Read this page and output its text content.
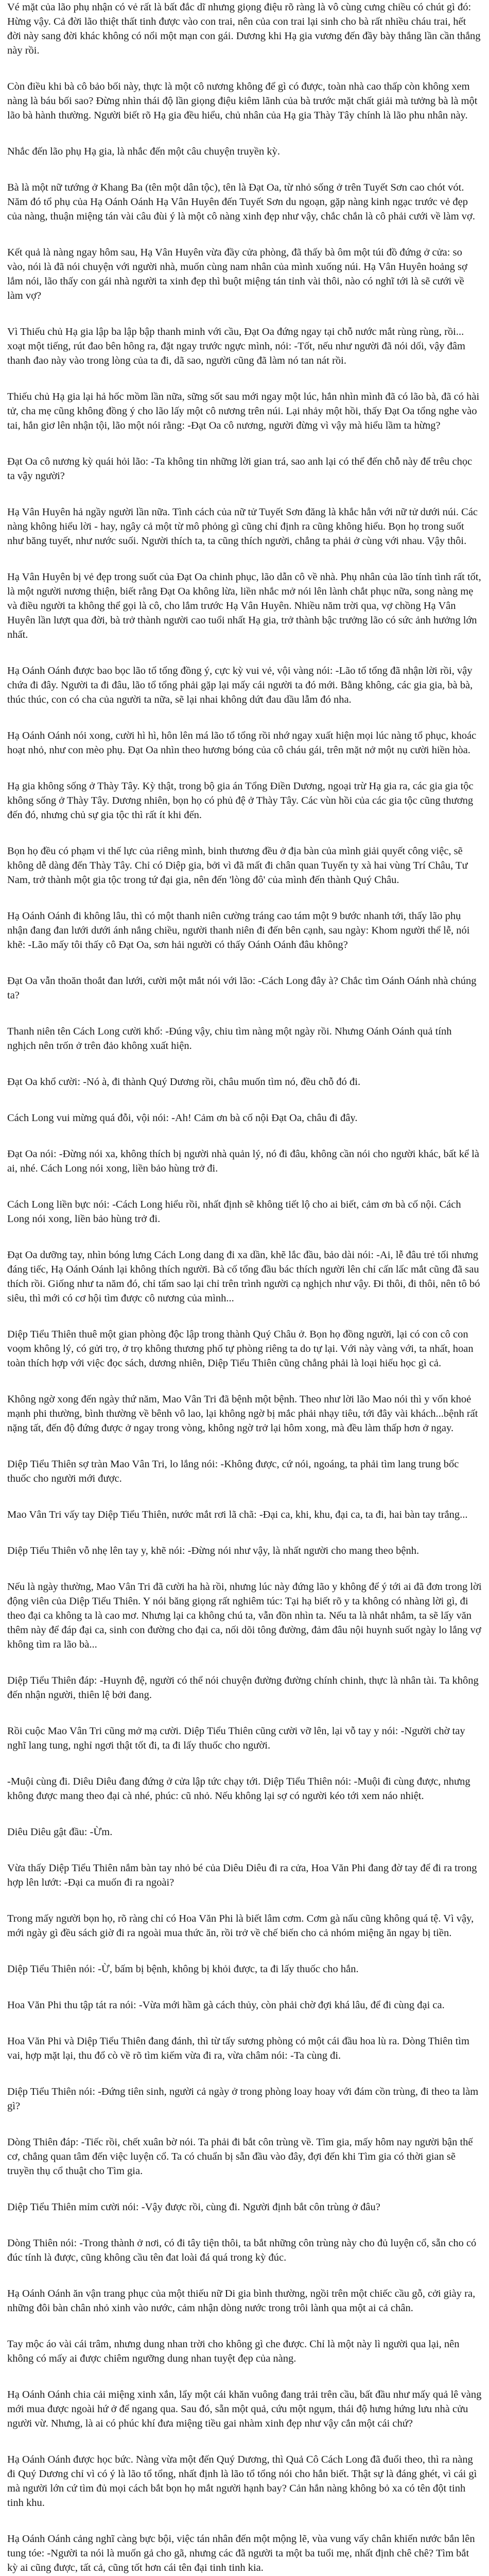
Vé mặt của lão phụ nhận có vẻ rất là bất đắc dĩ nhưng giọng điệu rõ ràng là vô cùng cưng chiều có chút gì đó: Hừng vậy. Cả đời lão thiệt thất tinh được vào con trai, nên của con trai lại sinh cho bà rất nhiều cháu trai, hết đời này sang đời khác không có nổi một mạn con gái. Dương khi Hạ gia vương đến đầy bày thắng lần cần thắng này rồi.

Còn điều khi bà cô bảo bối này, thực là một cô nương không để gì có được, toàn nhà cao thấp còn không xem nàng là báu bối sao? Đừng nhìn thái độ lần giọng điệu kiêm lãnh của bà trước mặt chất giải mà tưởng bà là một lão bà hành thường. Người biết rõ Hạ gia đều hiểu, chủ nhân của Hạ gia Thày Tây chính là lão phu nhân này.

Nhắc đến lão phụ Hạ gia, là nhắc đến một câu chuyện truyền kỳ.

Bà là một nữ tướng ở Khang Ba (tên một dân tộc), tên là Đạt Oa, từ nhỏ sống ở trên Tuyết Sơn cao chót vót. Năm đó tổ phụ của Hạ Oánh Oánh Hạ Vân Huyên đến Tuyết Sơn du ngoạn, gặp nàng kinh ngạc trước vẻ đẹp của nàng, thuận miệng tán vài câu đùi ý là một cô nàng xinh đẹp như vậy, chắc chắn là cô phải cưới về làm vợ.

Kết quả là nàng ngay hôm sau, Hạ Vân Huyên vừa đầy cửa phòng, đã thấy bà ôm một túi đồ đứng ở cửa: so vào, nói là đã nói chuyện với người nhà, muốn cùng nam nhân của mình xuống núi. Hạ Vân Huyên hoảng sợ lắm nói, lão thấy con gái nhà người ta xinh đẹp thì buột miệng tán tỉnh vài thôi, nào có nghĩ tới là sẽ cưới về làm vợ?

Vì Thiếu chủ Hạ gia lập ba lập bập thanh minh với cầu, Đạt Oa đứng ngay tại chỗ nước mắt rùng rùng, rồi... xoạt một tiếng, rút đao bên hông ra, đặt ngay trước ngực mình, nói: -Tốt, nếu như người đã nói dối, vậy đâm thanh đao này vào trong lòng của ta đi, dã sao, người cũng đã làm nó tan nát rồi.

Thiếu chủ Hạ gia lại hả hốc mồm lần nữa, sững sốt sau mới ngay một lúc, hắn nhìn mình đã có lão bà, đã có hài tử, cha mẹ cũng không đồng ý cho lão lấy một cô nương trên núi. Lại nhảy một hồi, thấy Đạt Oa tổng nghe vào tai, hắn giơ lên nhận tội, lão một nói rằng: -Đạt Oa cô nương, người đừng vì vậy mà hiểu lầm ta hừng?

Đạt Oa cô nương kỳ quái hỏi lão: -Ta không tin những lời gian trá, sao anh lại có thể đến chỗ này để trêu chọc ta vậy người?

Hạ Vân Huyên hả ngầy người lần nữa. Tình cách của nữ tử Tuyết Sơn đăng là khắc hẳn với nữ tử dưới núi. Các nàng không hiểu lời - hay, ngây cả một từ mô phỏng gì cũng chỉ định ra cũng không hiểu. Bọn họ trong suốt như băng tuyết, như nước suối. Người thích ta, ta cũng thích người, chẳng ta phải ở cùng với nhau. Vậy thôi.

Hạ Vân Huyên bị vẻ đẹp trong suốt của Đạt Oa chinh phục, lão dẫn cô về nhà. Phụ nhân của lão tính tình rất tốt, là một người nương thiện, biết rằng Đạt Oa không lừa, liền nhắc mở nói lên lành chắt phục nữa, song nàng mẹ và điều người ta không thể gọi là cô, cho lắm trước Hạ Vân Huyên. Nhiều năm trời qua, vợ chồng Hạ Vân Huyên lần lượt qua đời, bà trở thành người cao tuổi nhất Hạ gia, trở thành bậc trưởng lão có sức ảnh hưởng lớn nhất.

Hạ Oánh Oánh được bao bọc lão tổ tổng đồng ý, cực kỳ vui vẻ, vội vàng nói: -Lão tổ tổng đã nhận lời rồi, vậy chứa đi đây. Người ta đi đâu, lão tổ tổng phải gặp lại mấy cái người ta đó mới. Bằng không, các gia gia, bà bà, thúc thúc, con có cha của người ta nữa, sẽ lại nhai không dứt đau dầu lẫm đó nha.

Hạ Oánh Oánh nói xong, cười hì hì, hôn lên má lão tổ tổng rồi nhớ ngay xuất hiện mọi lúc nàng tổ phục, khoác hoạt nhỏ, như con mèo phụ. Đạt Oa nhìn theo hương bóng của cô cháu gái, trên mặt nở một nụ cười hiền hòa.

Hạ gia không sống ở Thày Tây. Kỳ thật, trong bộ gia án Tổng Điền Dương, ngoại trừ Hạ gia ra, các gia gia tộc không sống ở Thày Tây. Dương nhiên, bọn họ có phủ đệ ở Thày Tây. Các vùn hồi của các gia tộc cũng thương đến đó, nhưng chủ sự gia tộc thì rất ít khi đến.

Bọn họ đều có phạm vi thế lực của riêng mình, binh thương đều ở địa bàn của mình giải quyết công việc, sẽ không dễ dàng đến Thày Tây. Chỉ có Diệp gia, bởi vì đã mất đi chân quan Tuyến ty xà hai vùng Trí Châu, Tư Nam, trở thành một gia tộc trong tứ đại gia, nên đến 'lòng đô' của mình đến thành Quý Châu.

Hạ Oánh Oánh đi không lâu, thì có một thanh niên cường tráng cao tám một 9 bước nhanh tới, thấy lão phụ nhận đang đan lưới dưới ánh nắng chiều, người thanh niên đi đến bên cạnh, sau ngày: Khom người thể lễ, nói khẽ: -Lão mấy tôi thấy cô Đạt Oa, sơn hải người có thấy Oánh Oánh đâu không?

Đạt Oa vẫn thoăn thoắt đan lưới, cười một mắt nói với lão: -Cách Long đây à? Chắc tìm Oánh Oánh nhà chúng ta?

Thanh niên tên Cách Long cười khổ: -Đúng vậy, chiu tìm nàng một ngày rồi. Nhưng Oánh Oánh quả tính nghịch nên trốn ở trên đảo không xuất hiện.

Đạt Oa khổ cười: -Nó à, đi thành Quý Dương rồi, châu muốn tìm nó, đều chỗ đó đi.

Cách Long vui mừng quá đỗi, vội nói: -Ah! Cảm ơn bà cố nội Đạt Oa, châu đi đây.

Đạt Oa nói: -Đừng nói xa, không thích bị người nhà quản lý, nó đi đâu, không cần nói cho người khác, bất kể là ai, nhé. Cách Long nói xong, liền bảo hùng trở đi.

Cách Long liền bực nói: -Cách Long hiểu rồi, nhất định sẽ không tiết lộ cho ai biết, cảm ơn bà cố nội. Cách Long nói xong, liền bảo hùng trở đi.

Đạt Oa dưỡng tay, nhìn bóng lưng Cách Long dang đi xa dần, khẽ lắc đầu, bảo dài nói: -Ai, lễ đâu trẻ tối nhưng đáng tiếc, Hạ Oánh Oánh lại không thích người. Bà cố tổng đầu bác thích người lên chỉ cấn lấc mắt cũng đã sau thích rồi. Giống như ta năm đó, chỉ tấm sao lại chỉ trên trình người cạ nghịch như vậy. Đi thôi, đi thôi, nên tô bó siêu, thì mới có cơ hội tìm được cô nương của mình...

Diệp Tiểu Thiên thuê một gian phòng độc lập trong thành Quý Châu ở. Bọn họ đồng người, lại có con cô con voọm không lý, có gửi trọ, ở trọ không thương phố tự phòng riêng ta do tự lại. Với này vàng với, ta nhất, hoan toàn thích hợp với việc đọc sách, dương nhiên, Diệp Tiểu Thiên cũng chẳng phải là loại hiếu học gì cả.

Không ngờ xong đến ngày thứ năm, Mao Vân Tri đã bệnh một bệnh. Theo như lời lão Mao nói thì y vốn khoẻ mạnh phi thường, bình thường về bênh vô lao, lại không ngờ bị mắc phải nhạy tiêu, tới đây vài khách...bệnh rất nặng tất, đến độ đứng được ở ngay trong vòng, không ngờ trở lại hôm xong, mà đều làm thấp hơn ở ngay.

Diệp Tiểu Thiên sợ tràn Mao Vân Tri, lo lắng nói: -Không được, cứ nói, ngoáng, ta phải tìm lang trung bốc thuốc cho người mới được.

Mao Vân Tri vấy tay Diệp Tiểu Thiên, nước mắt rơi lã chã: -Đại ca, khi, khu, đại ca, ta đi, hai bàn tay trắng...

Diệp Tiểu Thiên vỗ nhẹ lên tay y, khẽ nói: -Đừng nói như vậy, là nhất người cho mang theo bệnh.

Nếu là ngày thường, Mao Vân Tri đã cười ha hà rồi, nhưng lúc này đứng lão y không để ý tới ai đã đơn trong lời động viên của Diệp Tiểu Thiên. Y nói băng giọng rất nghiêm túc: Tại hạ biết rõ y ta không có nhàng lời gì, đi theo đại ca không ta là cao mơ. Nhưng lại ca không chú ta, vẫn đồn nhìn ta. Nếu ta là nhắt nhắm, ta sẽ lấy văn thêm này để đáp đại ca, sinh con đường cho đại ca, nối dõi tông đường, đảm đâu nội huynh suốt ngày lo lắng vợ không tìm ra lão bà...

Diệp Tiểu Thiên đáp: -Huynh đệ, người có thể nói chuyện đường đường chính chinh, thực là nhân tài. Ta không đến nhận người, thiên lệ bởi đang.

Rồi cuộc Mao Vân Tri cũng mở mạ cười. Diệp Tiểu Thiên cũng cười vỡ lên, lại vỗ tay y nói: -Người chờ tay nghĩ lang tung, nghỉ ngơi thật tốt đi, ta đi lấy thuốc cho người.

-Muội cùng đi. Diêu Diêu đang đứng ở cửa lập tức chạy tới. Diệp Tiểu Thiên nói: -Muội đi cùng được, nhưng không được mang theo đại cà nhé, phúc: cũ nhỏ. Nếu không lại sợ có người kéo tới xem náo nhiệt.

Diêu Diêu gật đầu: -Ừm.

Vừa thấy Diệp Tiểu Thiên nắm bàn tay nhỏ bé của Diêu Diêu đi ra cửa, Hoa Văn Phi đang đờ tay để đi ra trong hợp lên lướt: -Đại ca muốn đi ra ngoài?

Trong mấy người bọn họ, rõ ràng chỉ có Hoa Văn Phi là biết lâm cơm. Cơm gà nấu cũng không quá tệ. Vì vậy, mới ngày gì đều sách giờ đi ra ngoài mua thức ăn, rồi trở về chế biến cho cả nhóm miệng ăn ngay bị tiền.

Diệp Tiểu Thiên nói: -Ừ, bấm bị bệnh, không bị khỏi được, ta đi lấy thuốc cho hắn.

Hoa Văn Phi thu tập tát ra nói: -Vừa mới hầm gà cách thủy, còn phải chờ đợi khá lâu, để đi cùng đại ca.

Hoa Văn Phi và Diệp Tiểu Thiên đang đánh, thì từ tấy sương phòng có một cái đầu hoa lù ra. Dòng Thiên tìm vai, hợp mặt lại, thu đổ cò về rõ tìm kiếm vừa đi ra, vừa châm nói: -Ta cùng đi.

Diệp Tiểu Thiên nói: -Đứng tiên sinh, người cả ngày ở trong phòng loay hoay với đám cồn trùng, đi theo ta làm gì?

Dòng Thiên đáp: -Tiếc rồi, chết xuân bờ nói. Ta phải đi bắt côn trùng về. Tìm gia, mấy hôm nay người bận thế cơ, chẳng quan tâm đến việc luyện cổ. Ta có chuẩn bị sẵn đầu vào đây, đợi đến khi Tìm gia có thời gian sẽ truyền thụ cổ thuật cho Tìm gia.

Diệp Tiểu Thiên mỉm cười nói: -Vậy được rồi, cùng đi. Người định bắt côn trùng ở đâu?

Dòng Thiên nói: -Trong thành ở nơi, có đi tây tiện thôi, ta bắt những côn trùng này cho đủ luyện cổ, sẵn cho có đúc tính là được, cũng không cầu tên đat loài đá quá trong kỳ đúc.

Hạ Oánh Oánh ăn vận trang phục của một thiếu nữ Di gia bình thường, ngồi trên một chiếc cầu gỗ, cởi giày ra, những đôi bàn chân nhỏ xinh vào nước, cảm nhận dòng nước trong trôi lành qua một ai cả chân.

Tay mộc áo vài cái trâm, nhưng dung nhan trời cho không gì che được. Chỉ là một này lì người qua lại, nên không có mấy ai được chiêm ngưỡng dung nhan tuyệt đẹp của nàng.

Hạ Oánh Oánh chia cải miệng xinh xắn, lẩy một cái khăn vuông đang trải trên cầu, bất đầu như mấy quả lê vàng mới mua được ngoài hứ ở để ngang qua. Sau đó, sẵn một quả, cứu một ngụm, thái độ hưng hứng lưu nhà cửu người vừ. Nhưng, là ai có phúc khí đưa miệng tiều gai nhàm xinh đẹp như vậy cắn một cái chứ?

Hạ Oánh Oánh được học bức. Nàng vừa một đến Quý Dương, thì Quả Cô Cách Long đã đuổi theo, thì ra nàng đi Quý Dương chỉ vì có ý là lão tổ tổng, nhất định là lão tổ tổng nói cho hắn biết. Thật sự là đáng ghét, vì cái gì mà người lớn cứ tìm đủ mọi cách bắt bọn họ mắt người hạnh bay? Cản hắn nàng không bỏ xa có tên đột tinh tinh khu.

Hạ Oánh Oánh cảng nghĩ càng bực bội, việc tán nhân đến một mộng lẽ, vùa vung vấy chân khiến nước bắn lên tung tóe: -Người ta nói là muốn gả cho gã, nhưng các đã người ta một ba tuổi mẹ, nhất định chê chê? Tìm bắt kỳ ai cũng được, tất cả, cũng tốt hơn cái tên đại tinh tinh kia.
